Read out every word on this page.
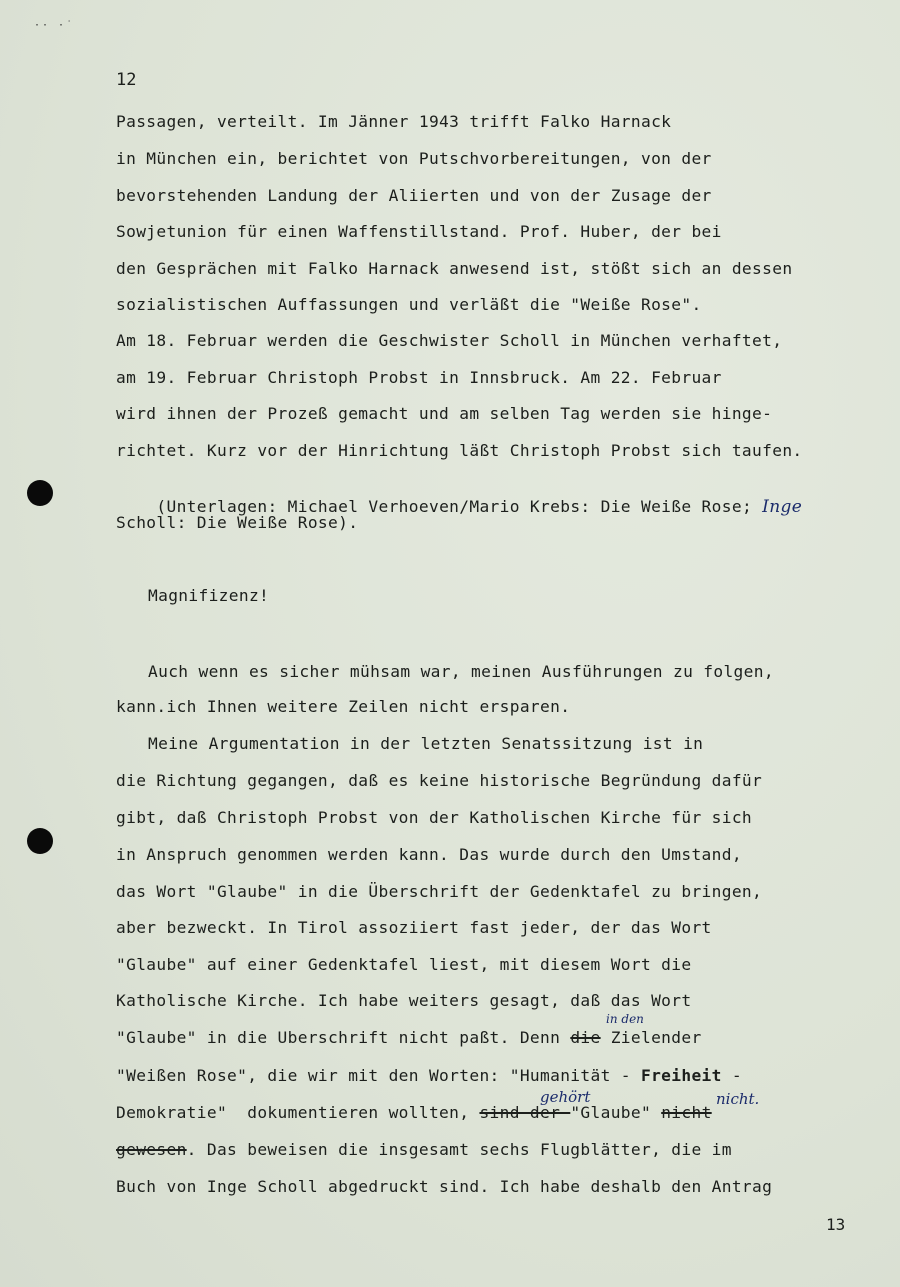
·· ·˙
12
Passagen, verteilt. Im Jänner 1943 trifft Falko Harnack
in München ein, berichtet von Putschvorbereitungen, von der
bevorstehenden Landung der Aliierten und von der Zusage der
Sowjetunion für einen Waffenstillstand. Prof. Huber, der bei
den Gesprächen mit Falko Harnack anwesend ist, stößt sich an dessen
sozialistischen Auffassungen und verläßt die "Weiße Rose".
Am 18. Februar werden die Geschwister Scholl in München verhaftet,
am 19. Februar Christoph Probst in Innsbruck. Am 22. Februar
wird ihnen der Prozeß gemacht und am selben Tag werden sie hinge-
richtet. Kurz vor der Hinrichtung läßt Christoph Probst sich taufen.

(Unterlagen: Michael Verhoeven/Mario Krebs: Die Weiße Rose; Inge

Scholl: Die Weiße Rose).
Magnifizenz!
Auch wenn es sicher mühsam war, meinen Ausführungen zu folgen,
kann.ich Ihnen weitere Zeilen nicht ersparen.
Meine Argumentation in der letzten Senatssitzung ist in
die Richtung gegangen, daß es keine historische Begründung dafür
gibt, daß Christoph Probst von der Katholischen Kirche für sich
in Anspruch genommen werden kann. Das wurde durch den Umstand,
das Wort "Glaube" in die Überschrift der Gedenktafel zu bringen,
aber bezweckt. In Tirol assoziiert fast jeder, der das Wort
"Glaube" auf einer Gedenktafel liest, mit diesem Wort die
Katholische Kirche. Ich habe weiters gesagt, daß das Wort
in den
"Glaube" in die Uberschrift nicht paßt. Denn die Zielender
"Weißen Rose", die wir mit den Worten: "Humanität - Freiheit -
gehört	nicht.
Demokratie"  dokumentieren wollten, sind der "Glaube" nicht
gewesen. Das beweisen die insgesamt sechs Flugblätter, die im
Buch von Inge Scholl abgedruckt sind. Ich habe deshalb den Antrag
13
